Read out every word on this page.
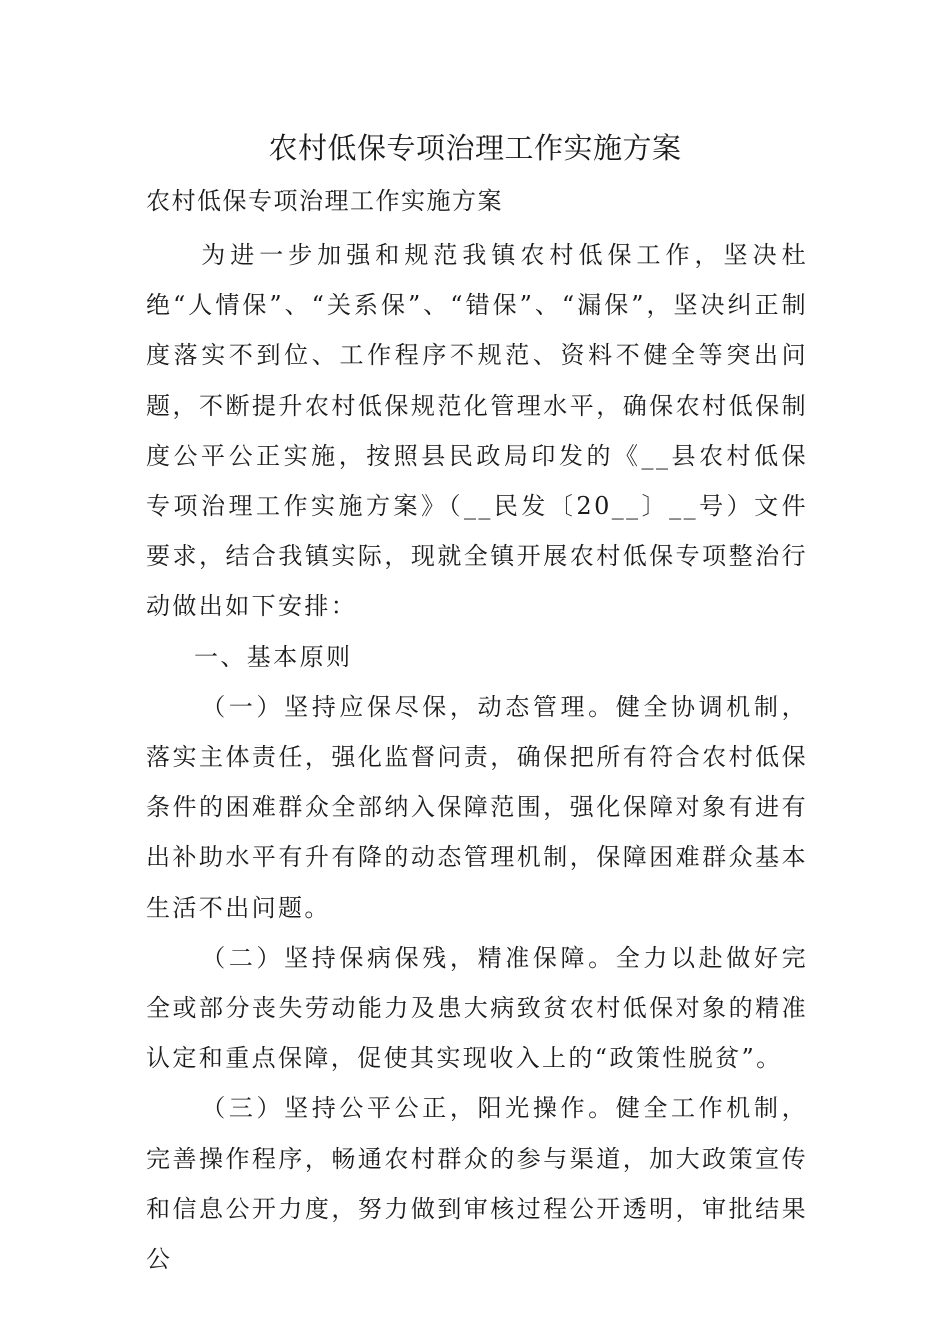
农村低保专项治理工作实施方案

农村低保专项治理工作实施方案

为进一步加强和规范我镇农村低保工作，坚决杜绝“人情保”、“关系保”、“错保”、“漏保”，坚决纠正制度落实不到位、工作程序不规范、资料不健全等突出问题，不断提升农村低保规范化管理水平，确保农村低保制度公平公正实施，按照县民政局印发的《__县农村低保专项治理工作实施方案》（__民发〔20__〕__号）文件要求，结合我镇实际，现就全镇开展农村低保专项整治行动做出如下安排：

一、基本原则

（一）坚持应保尽保，动态管理。健全协调机制，落实主体责任，强化监督问责，确保把所有符合农村低保条件的困难群众全部纳入保障范围，强化保障对象有进有出补助水平有升有降的动态管理机制，保障困难群众基本生活不出问题。

（二）坚持保病保残，精准保障。全力以赴做好完全或部分丧失劳动能力及患大病致贫农村低保对象的精准认定和重点保障，促使其实现收入上的“政策性脱贫”。

（三）坚持公平公正，阳光操作。健全工作机制，完善操作程序，畅通农村群众的参与渠道，加大政策宣传和信息公开力度，努力做到审核过程公开透明，审批结果公
